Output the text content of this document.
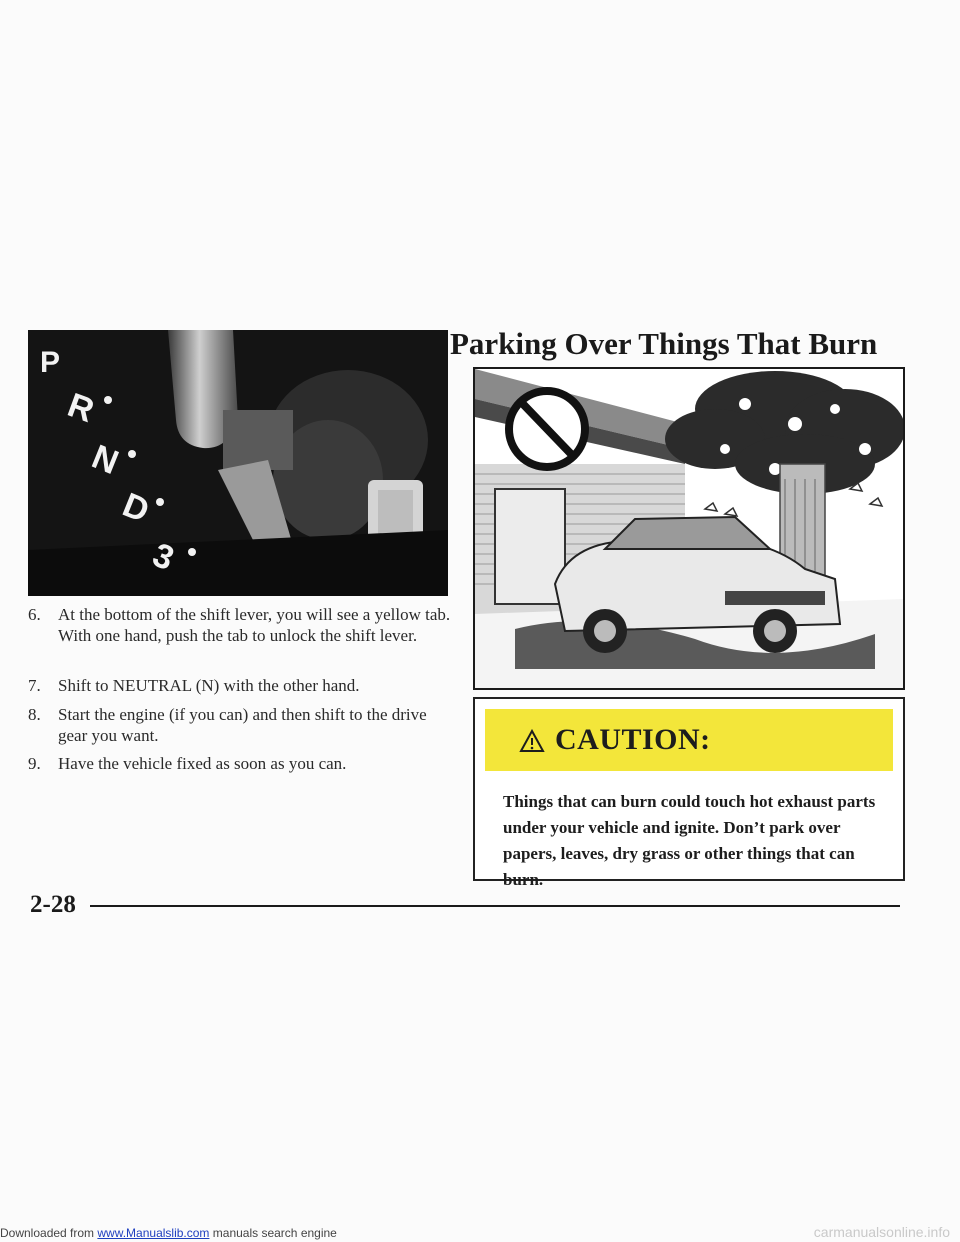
P
R
N
D
3
6.	At the bottom of the shift lever, you will see a yellow tab. With one hand, push the tab to unlock the shift lever.
7.	Shift to NEUTRAL (N) with the other hand.
8.	Start the engine (if you can) and then shift to the drive gear you want.
9.	Have the vehicle fixed as soon as you can.
Parking Over Things That Burn
CAUTION:
Things that can burn could touch hot exhaust parts under your vehicle and ignite. Don’t park over papers, leaves, dry grass or other things that can burn.
2-28
Downloaded from www.Manualslib.com manuals search engine	carmanualsonline.info
